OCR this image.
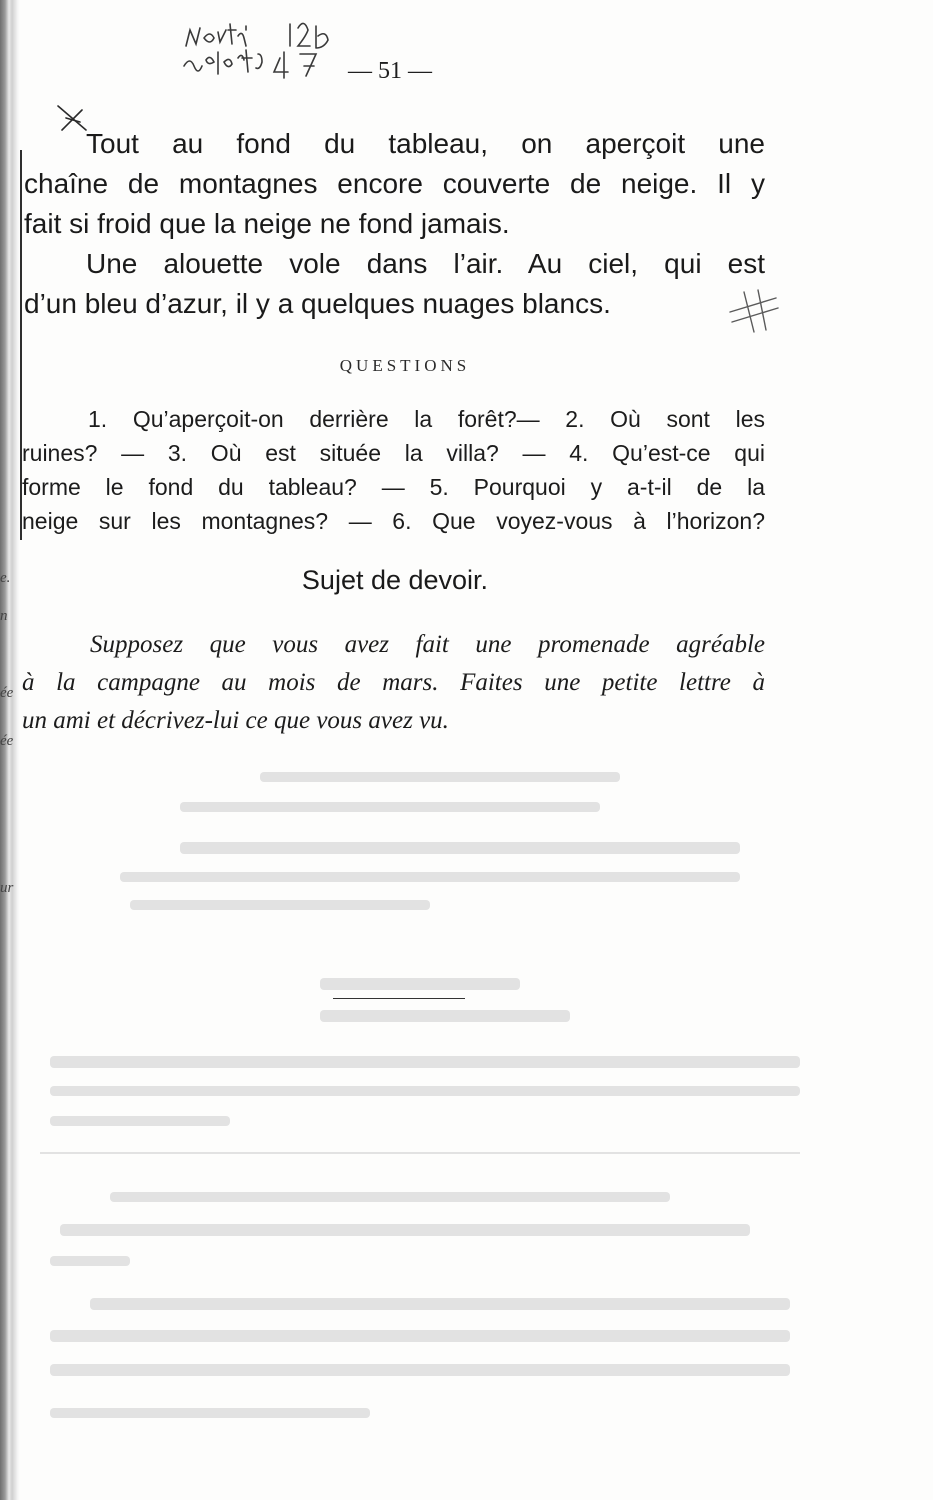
e.
n
ée
ée
ur
— 51 —
Tout au fond du tableau, on aperçoit une
chaîne de montagnes encore couverte de neige. Il y
fait si froid que la neige ne fond jamais.
Une alouette vole dans l’air. Au ciel, qui est
d’un bleu d’azur, il y a quelques nuages blancs.
QUESTIONS
1. Qu’aperçoit-on derrière la forêt?— 2. Où sont les
ruines? — 3. Où est située la villa? — 4. Qu’est-ce qui
forme le fond du tableau? — 5. Pourquoi y a-t-il de la
neige sur les montagnes? — 6. Que voyez-vous à l’horizon?
Sujet de devoir.
Supposez que vous avez fait une promenade agréable
à la campagne au mois de mars. Faites une petite lettre à
un ami et décrivez-lui ce que vous avez vu.
